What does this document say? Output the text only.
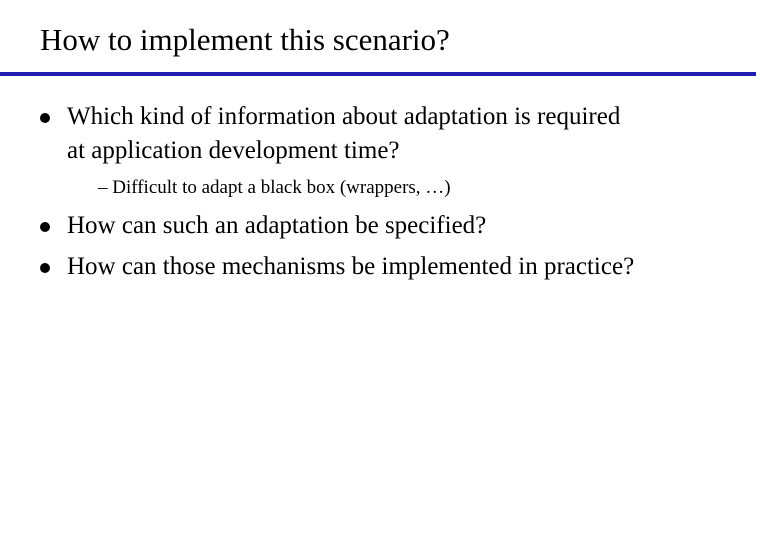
How to implement this scenario?
Which kind of information about adaptation is required
at application development time?
– Difficult to adapt a black box (wrappers, …)
How can such an adaptation be specified?
How can those mechanisms be implemented in practice?
